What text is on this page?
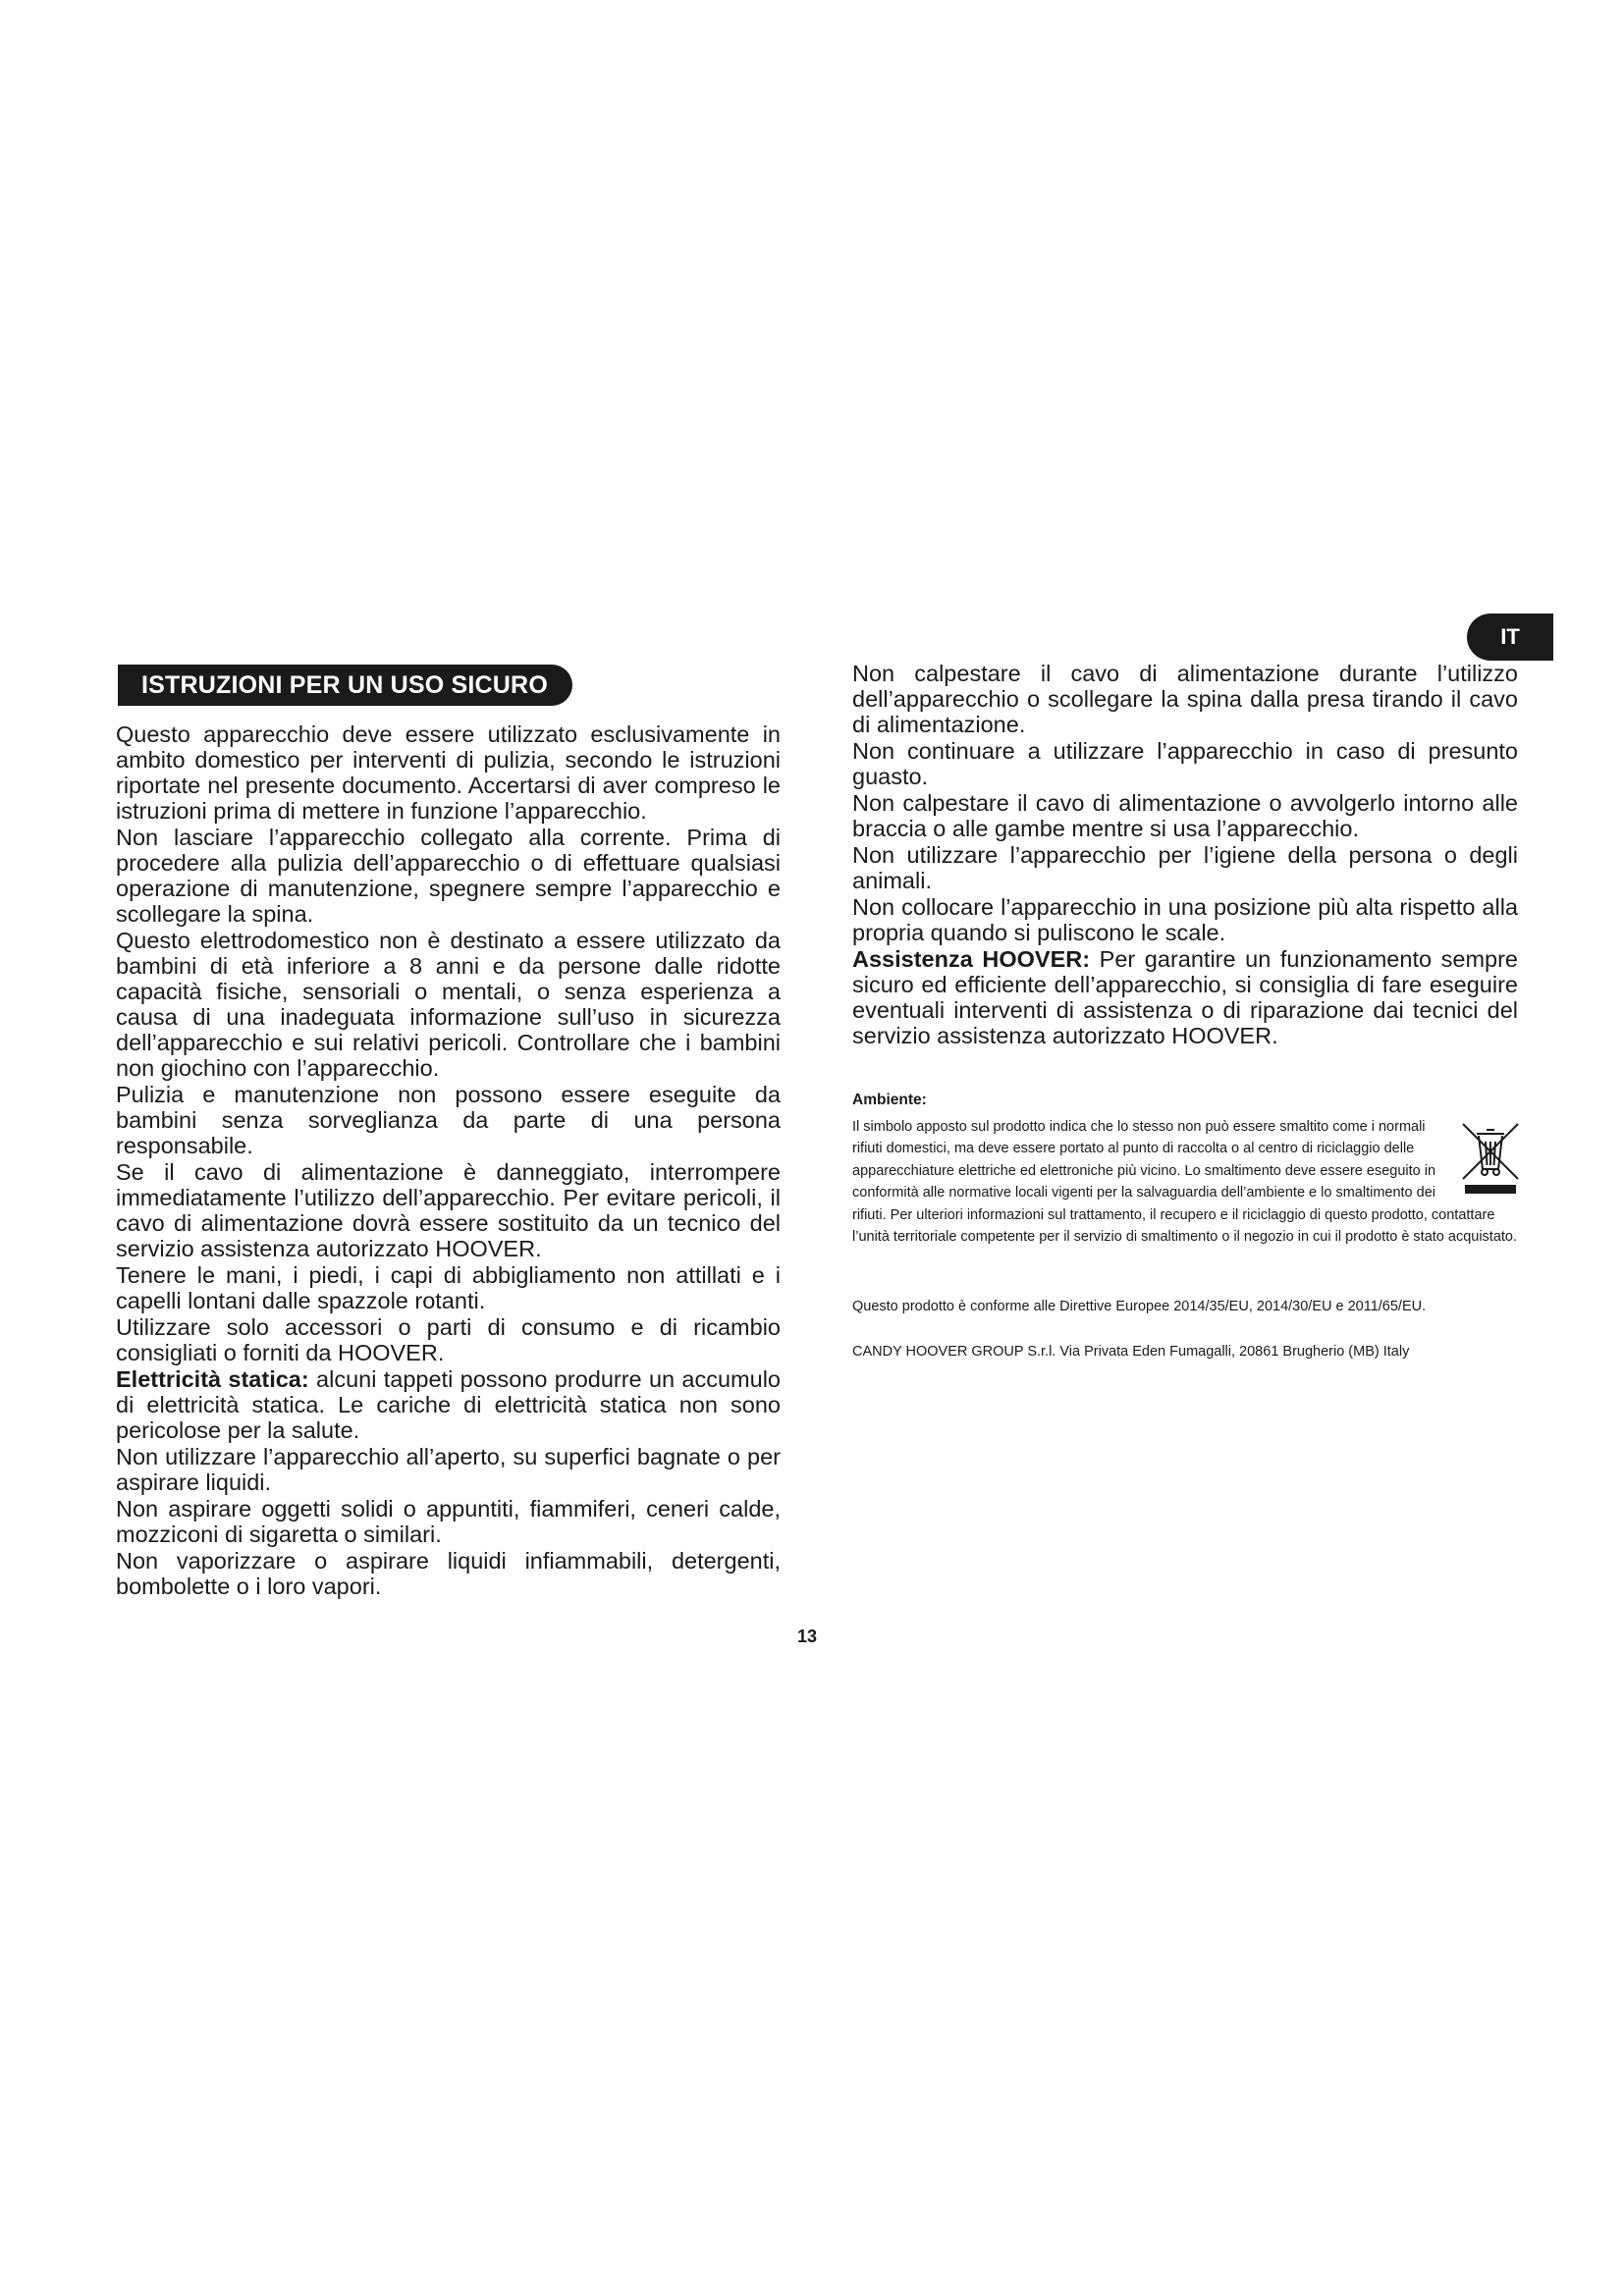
IT
ISTRUZIONI PER UN USO SICURO

Questo apparecchio deve essere utilizzato esclusivamente in ambito domestico per interventi di pulizia, secondo le istruzioni riportate nel presente documento. Accertarsi di aver compreso le istruzioni prima di mettere in funzione l’apparecchio.

Non lasciare l’apparecchio collegato alla corrente. Prima di procedere alla pulizia dell’apparecchio o di effettuare qualsiasi operazione di manutenzione, spegnere sempre l’apparecchio e scollegare la spina.

Questo elettrodomestico non è destinato a essere utilizzato da bambini di età inferiore a 8 anni e da persone dalle ridotte capacità fisiche, sensoriali o mentali, o senza esperienza a causa di una inadeguata informazione sull’uso in sicurezza dell’apparecchio e sui relativi pericoli. Controllare che i bambini non giochino con l’apparecchio.

Pulizia e manutenzione non possono essere eseguite da bambini senza sorveglianza da parte di una persona responsabile.

Se il cavo di alimentazione è danneggiato, interrompere immediatamente l’utilizzo dell’apparecchio. Per evitare pericoli, il cavo di alimentazione dovrà essere sostituito da un tecnico del servizio assistenza autorizzato HOOVER.

Tenere le mani, i piedi, i capi di abbigliamento non attillati e i capelli lontani dalle spazzole rotanti.

Utilizzare solo accessori o parti di consumo e di ricambio consigliati o forniti da HOOVER.

Elettricità statica: alcuni tappeti possono produrre un accumulo di elettricità statica. Le cariche di elettricità statica non sono pericolose per la salute.

Non utilizzare l’apparecchio all’aperto, su superfici bagnate o per aspirare liquidi.

Non aspirare oggetti solidi o appuntiti, fiammiferi, ceneri calde, mozziconi di sigaretta o similari.

Non vaporizzare o aspirare liquidi infiammabili, detergenti, bombolette o i loro vapori.

Non calpestare il cavo di alimentazione durante l’utilizzo dell’apparecchio o scollegare la spina dalla presa tirando il cavo di alimentazione.

Non continuare a utilizzare l’apparecchio in caso di presunto guasto.

Non calpestare il cavo di alimentazione o avvolgerlo intorno alle braccia o alle gambe mentre si usa l’apparecchio.

Non utilizzare l’apparecchio per l’igiene della persona o degli animali.

Non collocare l’apparecchio in una posizione più alta rispetto alla propria quando si puliscono le scale.

Assistenza HOOVER: Per garantire un funzionamento sempre sicuro ed efficiente dell’apparecchio, si consiglia di fare eseguire eventuali interventi di assistenza o di riparazione dai tecnici del servizio assistenza autorizzato HOOVER.

Ambiente:

Il simbolo apposto sul prodotto indica che lo stesso non può essere smaltito come i normali rifiuti domestici, ma deve essere portato al punto di raccolta o al centro di riciclaggio delle apparecchiature elettriche ed elettroniche più vicino. Lo smaltimento deve essere eseguito in conformità alle normative locali vigenti per la salvaguardia dell’ambiente e lo smaltimento dei rifiuti. Per ulteriori informazioni sul trattamento, il recupero e il riciclaggio di questo prodotto, contattare l’unità territoriale competente per il servizio di smaltimento o il negozio in cui il prodotto è stato acquistato.

Questo prodotto è conforme alle Direttive Europee 2014/35/EU, 2014/30/EU e 2011/65/EU.
CANDY HOOVER GROUP S.r.l. Via Privata Eden Fumagalli, 20861 Brugherio (MB) Italy
13
